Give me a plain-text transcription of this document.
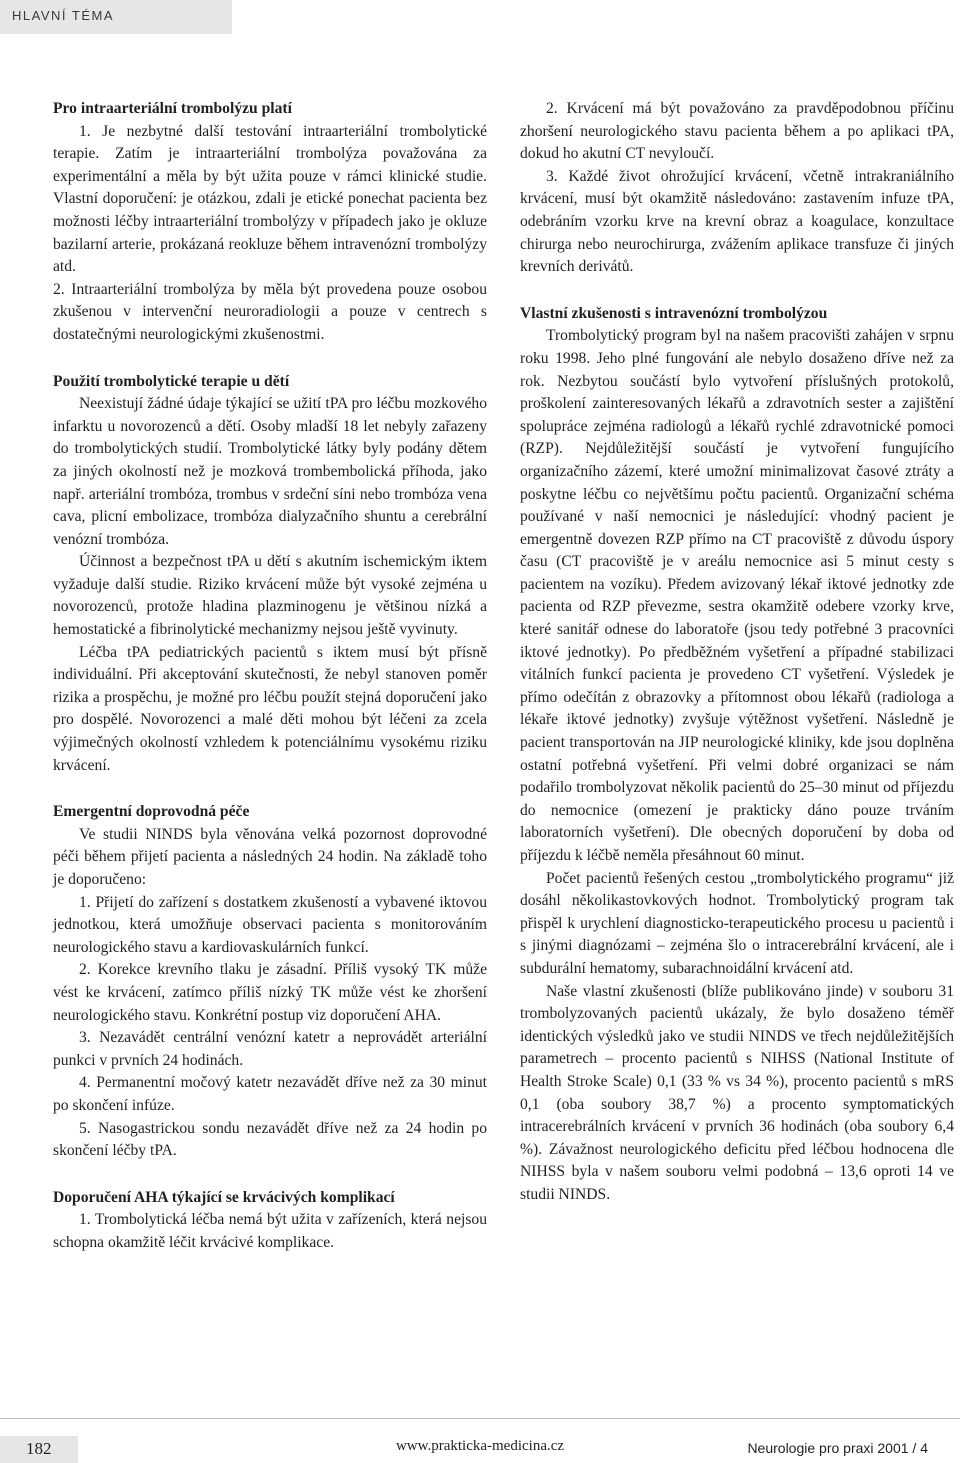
HLAVNÍ TÉMA
Pro intraarteriální trombolýzu platí

1. Je nezbytné další testování intraarteriální trombolytické terapie. Zatím je intraarteriální trombolýza považována za experimentální a měla by být užita pouze v rámci klinické studie. Vlastní doporučení: je otázkou, zdali je etické ponechat pacienta bez možnosti léčby intraarteriální trombolýzy v případech jako je okluze bazilarní arterie, prokázaná reokluze během intravenózní trombolýzy atd.

2. Intraarteriální trombolýza by měla být provedena pouze osobou zkušenou v intervenční neuroradiologii a pouze v centrech s dostatečnými neurologickými zkušenostmi.

Použití trombolytické terapie u dětí

Neexistují žádné údaje týkající se užití tPA pro léčbu mozkového infarktu u novorozenců a dětí. Osoby mladší 18 let nebyly zařazeny do trombolytických studií. Trombolytické látky byly podány dětem za jiných okolností než je mozková trombembolická příhoda, jako např. arteriální trombóza, trombus v srdeční síni nebo trombóza vena cava, plicní embolizace, trombóza dialyzačního shuntu a cerebrální venózní trombóza.

Účinnost a bezpečnost tPA u dětí s akutním ischemickým iktem vyžaduje další studie. Riziko krvácení může být vysoké zejména u novorozenců, protože hladina plazminogenu je většinou nízká a hemostatické a fibrinolytické mechanizmy nejsou ještě vyvinuty.

Léčba tPA pediatrických pacientů s iktem musí být přísně individuální. Při akceptování skutečnosti, že nebyl stanoven poměr rizika a prospěchu, je možné pro léčbu použít stejná doporučení jako pro dospělé. Novorozenci a malé děti mohou být léčeni za zcela výjimečných okolností vzhledem k potenciálnímu vysokému riziku krvácení.

Emergentní doprovodná péče

Ve studii NINDS byla věnována velká pozornost doprovodné péči během přijetí pacienta a následných 24 hodin. Na základě toho je doporučeno:

1. Přijetí do zařízení s dostatkem zkušeností a vybavené iktovou jednotkou, která umožňuje observaci pacienta s monitorováním neurologického stavu a kardiovaskulárních funkcí.

2. Korekce krevního tlaku je zásadní. Příliš vysoký TK může vést ke krvácení, zatímco příliš nízký TK může vést ke zhoršení neurologického stavu. Konkrétní postup viz doporučení AHA.

3. Nezavádět centrální venózní katetr a neprovádět arteriální punkci v prvních 24 hodinách.

4. Permanentní močový katetr nezavádět dříve než za 30 minut po skončení infúze.

5. Nasogastrickou sondu nezavádět dříve než za 24 hodin po skončení léčby tPA.

Doporučení AHA týkající se krvácivých komplikací

1. Trombolytická léčba nemá být užita v zařízeních, která nejsou schopna okamžitě léčit krvácivé komplikace.

2. Krvácení má být považováno za pravděpodobnou příčinu zhoršení neurologického stavu pacienta během a po aplikaci tPA, dokud ho akutní CT nevyloučí.

3. Každé život ohrožující krvácení, včetně intrakraniálního krvácení, musí být okamžitě následováno: zastavením infuze tPA, odebráním vzorku krve na krevní obraz a koagulace, konzultace chirurga nebo neurochirurga, zvážením aplikace transfuze či jiných krevních derivátů.

Vlastní zkušenosti s intravenózní trombolýzou

Trombolytický program byl na našem pracovišti zahájen v srpnu roku 1998. Jeho plné fungování ale nebylo dosaženo dříve než za rok. Nezbytou součástí bylo vytvoření příslušných protokolů, proškolení zainteresovaných lékařů a zdravotních sester a zajištění spolupráce zejména radiologů a lékařů rychlé zdravotnické pomoci (RZP). Nejdůležitější součástí je vytvoření fungujícího organizačního zázemí, které umožní minimalizovat časové ztráty a poskytne léčbu co největšímu počtu pacientů. Organizační schéma používané v naší nemocnici je následující: vhodný pacient je emergentně dovezen RZP přímo na CT pracoviště z důvodu úspory času (CT pracoviště je v areálu nemocnice asi 5 minut cesty s pacientem na vozíku). Předem avizovaný lékař iktové jednotky zde pacienta od RZP převezme, sestra okamžitě odebere vzorky krve, které sanitář odnese do laboratoře (jsou tedy potřebné 3 pracovníci iktové jednotky). Po předběžném vyšetření a případné stabilizaci vitálních funkcí pacienta je provedeno CT vyšetření. Výsledek je přímo odečítán z obrazovky a přítomnost obou lékařů (radiologa a lékaře iktové jednotky) zvyšuje výtěžnost vyšetření. Následně je pacient transportován na JIP neurologické kliniky, kde jsou doplněna ostatní potřebná vyšetření. Při velmi dobré organizaci se nám podařilo trombolyzovat několik pacientů do 25–30 minut od příjezdu do nemocnice (omezení je prakticky dáno pouze trváním laboratorních vyšetření). Dle obecných doporučení by doba od příjezdu k léčbě neměla přesáhnout 60 minut.

Počet pacientů řešených cestou „trombolytického programu“ již dosáhl několikastovkových hodnot. Trombolytický program tak přispěl k urychlení diagnosticko-terapeutického procesu u pacientů i s jinými diagnózami – zejména šlo o intracerebrální krvácení, ale i subdurální hematomy, subarachnoidální krvácení atd.

Naše vlastní zkušenosti (blíže publikováno jinde) v souboru 31 trombolyzovaných pacientů ukázaly, že bylo dosaženo téměř identických výsledků jako ve studii NINDS ve třech nejdůležitějších parametrech – procento pacientů s NIHSS (National Institute of Health Stroke Scale) 0,1 (33 % vs 34 %), procento pacientů s mRS 0,1 (oba soubory 38,7 %) a procento symptomatických intracerebrálních krvácení v prvních 36 hodinách (oba soubory 6,4 %). Závažnost neurologického deficitu před léčbou hodnocena dle NIHSS byla v našem souboru velmi podobná – 13,6 oproti 14 ve studii NINDS.

182	www.prakticka-medicina.cz	Neurologie pro praxi 2001 / 4
